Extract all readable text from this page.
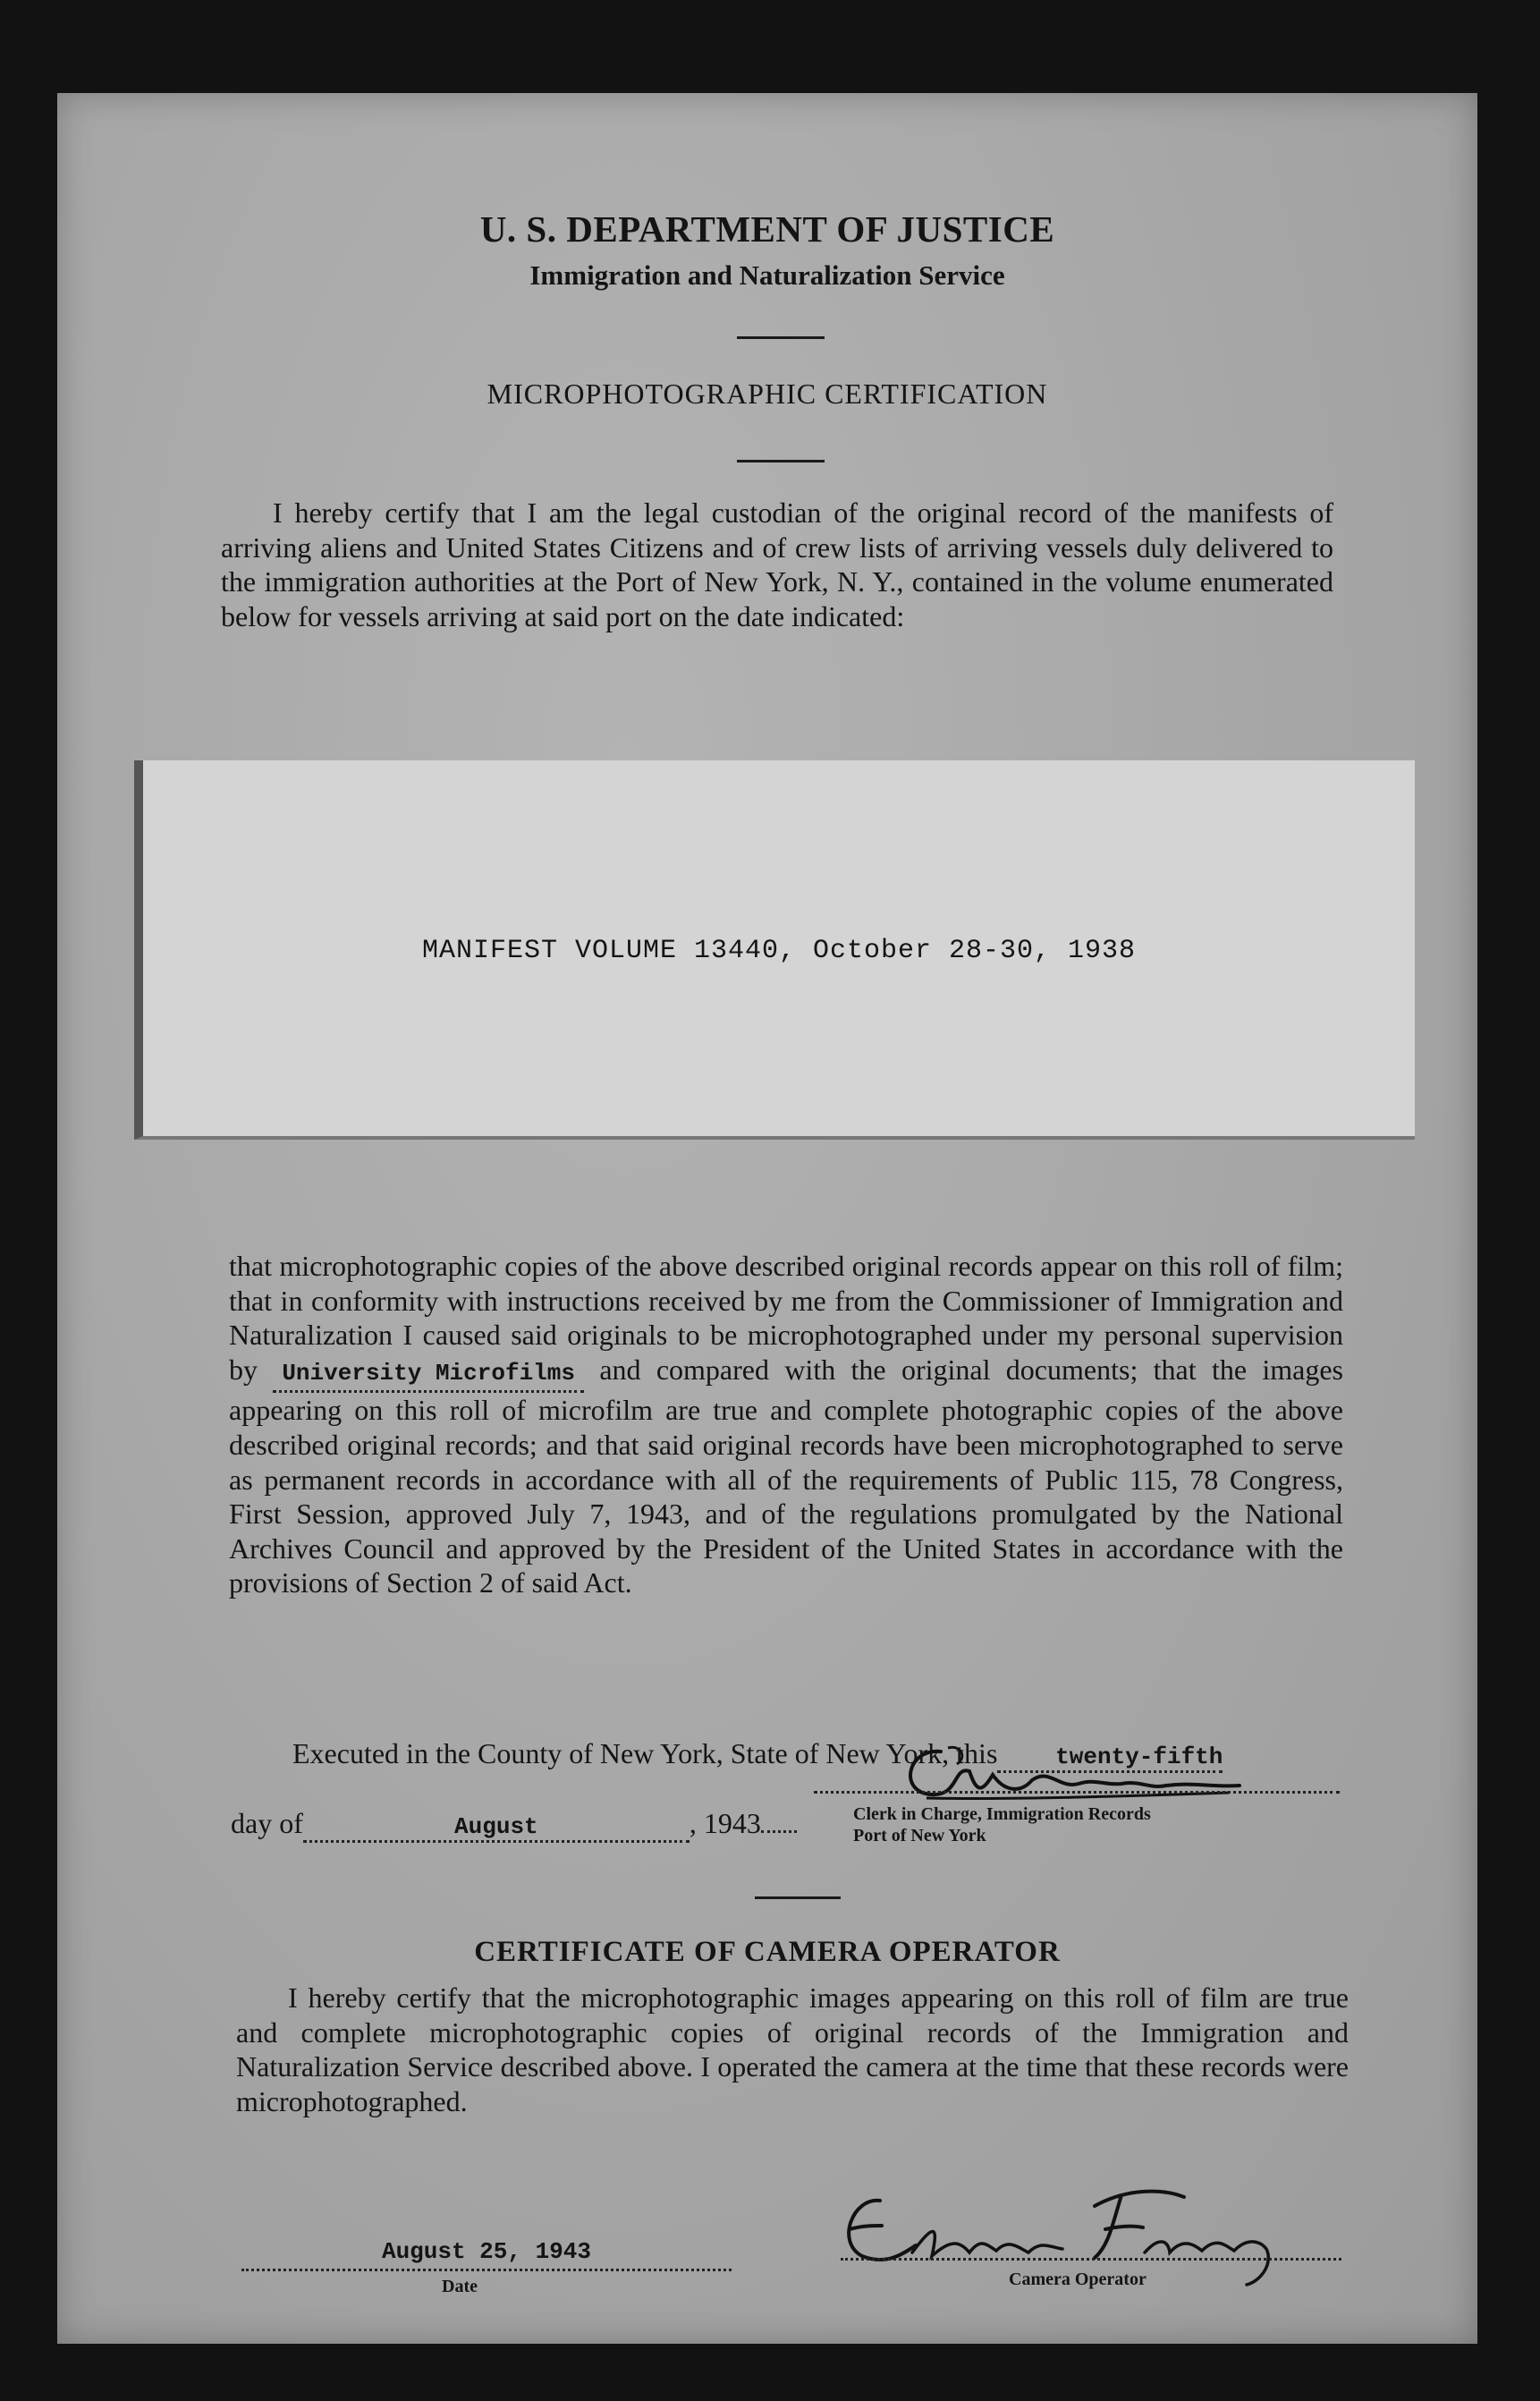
U. S. DEPARTMENT OF JUSTICE
Immigration and Naturalization Service
MICROPHOTOGRAPHIC CERTIFICATION

I hereby certify that I am the legal custodian of the original record of the manifests of arriving aliens and United States Citizens and of crew lists of arriving vessels duly delivered to the immigration authorities at the Port of New York, N. Y., contained in the volume enumerated below for vessels arriving at said port on the date indicated:

MANIFEST VOLUME 13440, October 28-30, 1938

that microphotographic copies of the above described original records appear on this roll of film; that in conformity with instructions received by me from the Commissioner of Immigration and Naturalization I caused said originals to be microphotographed under my personal supervision by University Microfilms and compared with the original documents; that the images appearing on this roll of microfilm are true and complete photographic copies of the above described original records; and that said original records have been microphotographed to serve as permanent records in accordance with all of the requirements of Public 115, 78 Congress, First Session, approved July 7, 1943, and of the regulations promulgated by the National Archives Council and approved by the President of the United States in accordance with the provisions of Section 2 of said Act.

Executed in the County of New York, State of New York, this twenty-fifth
day of	August	, 1943	Clerk in Charge, Immigration Records
Port of New York
CERTIFICATE OF CAMERA OPERATOR

I hereby certify that the microphotographic images appearing on this roll of film are true and complete microphotographic copies of original records of the Immigration and Naturalization Service described above. I operated the camera at the time that these records were microphotographed.

August 25, 1943
Date	Camera Operator
